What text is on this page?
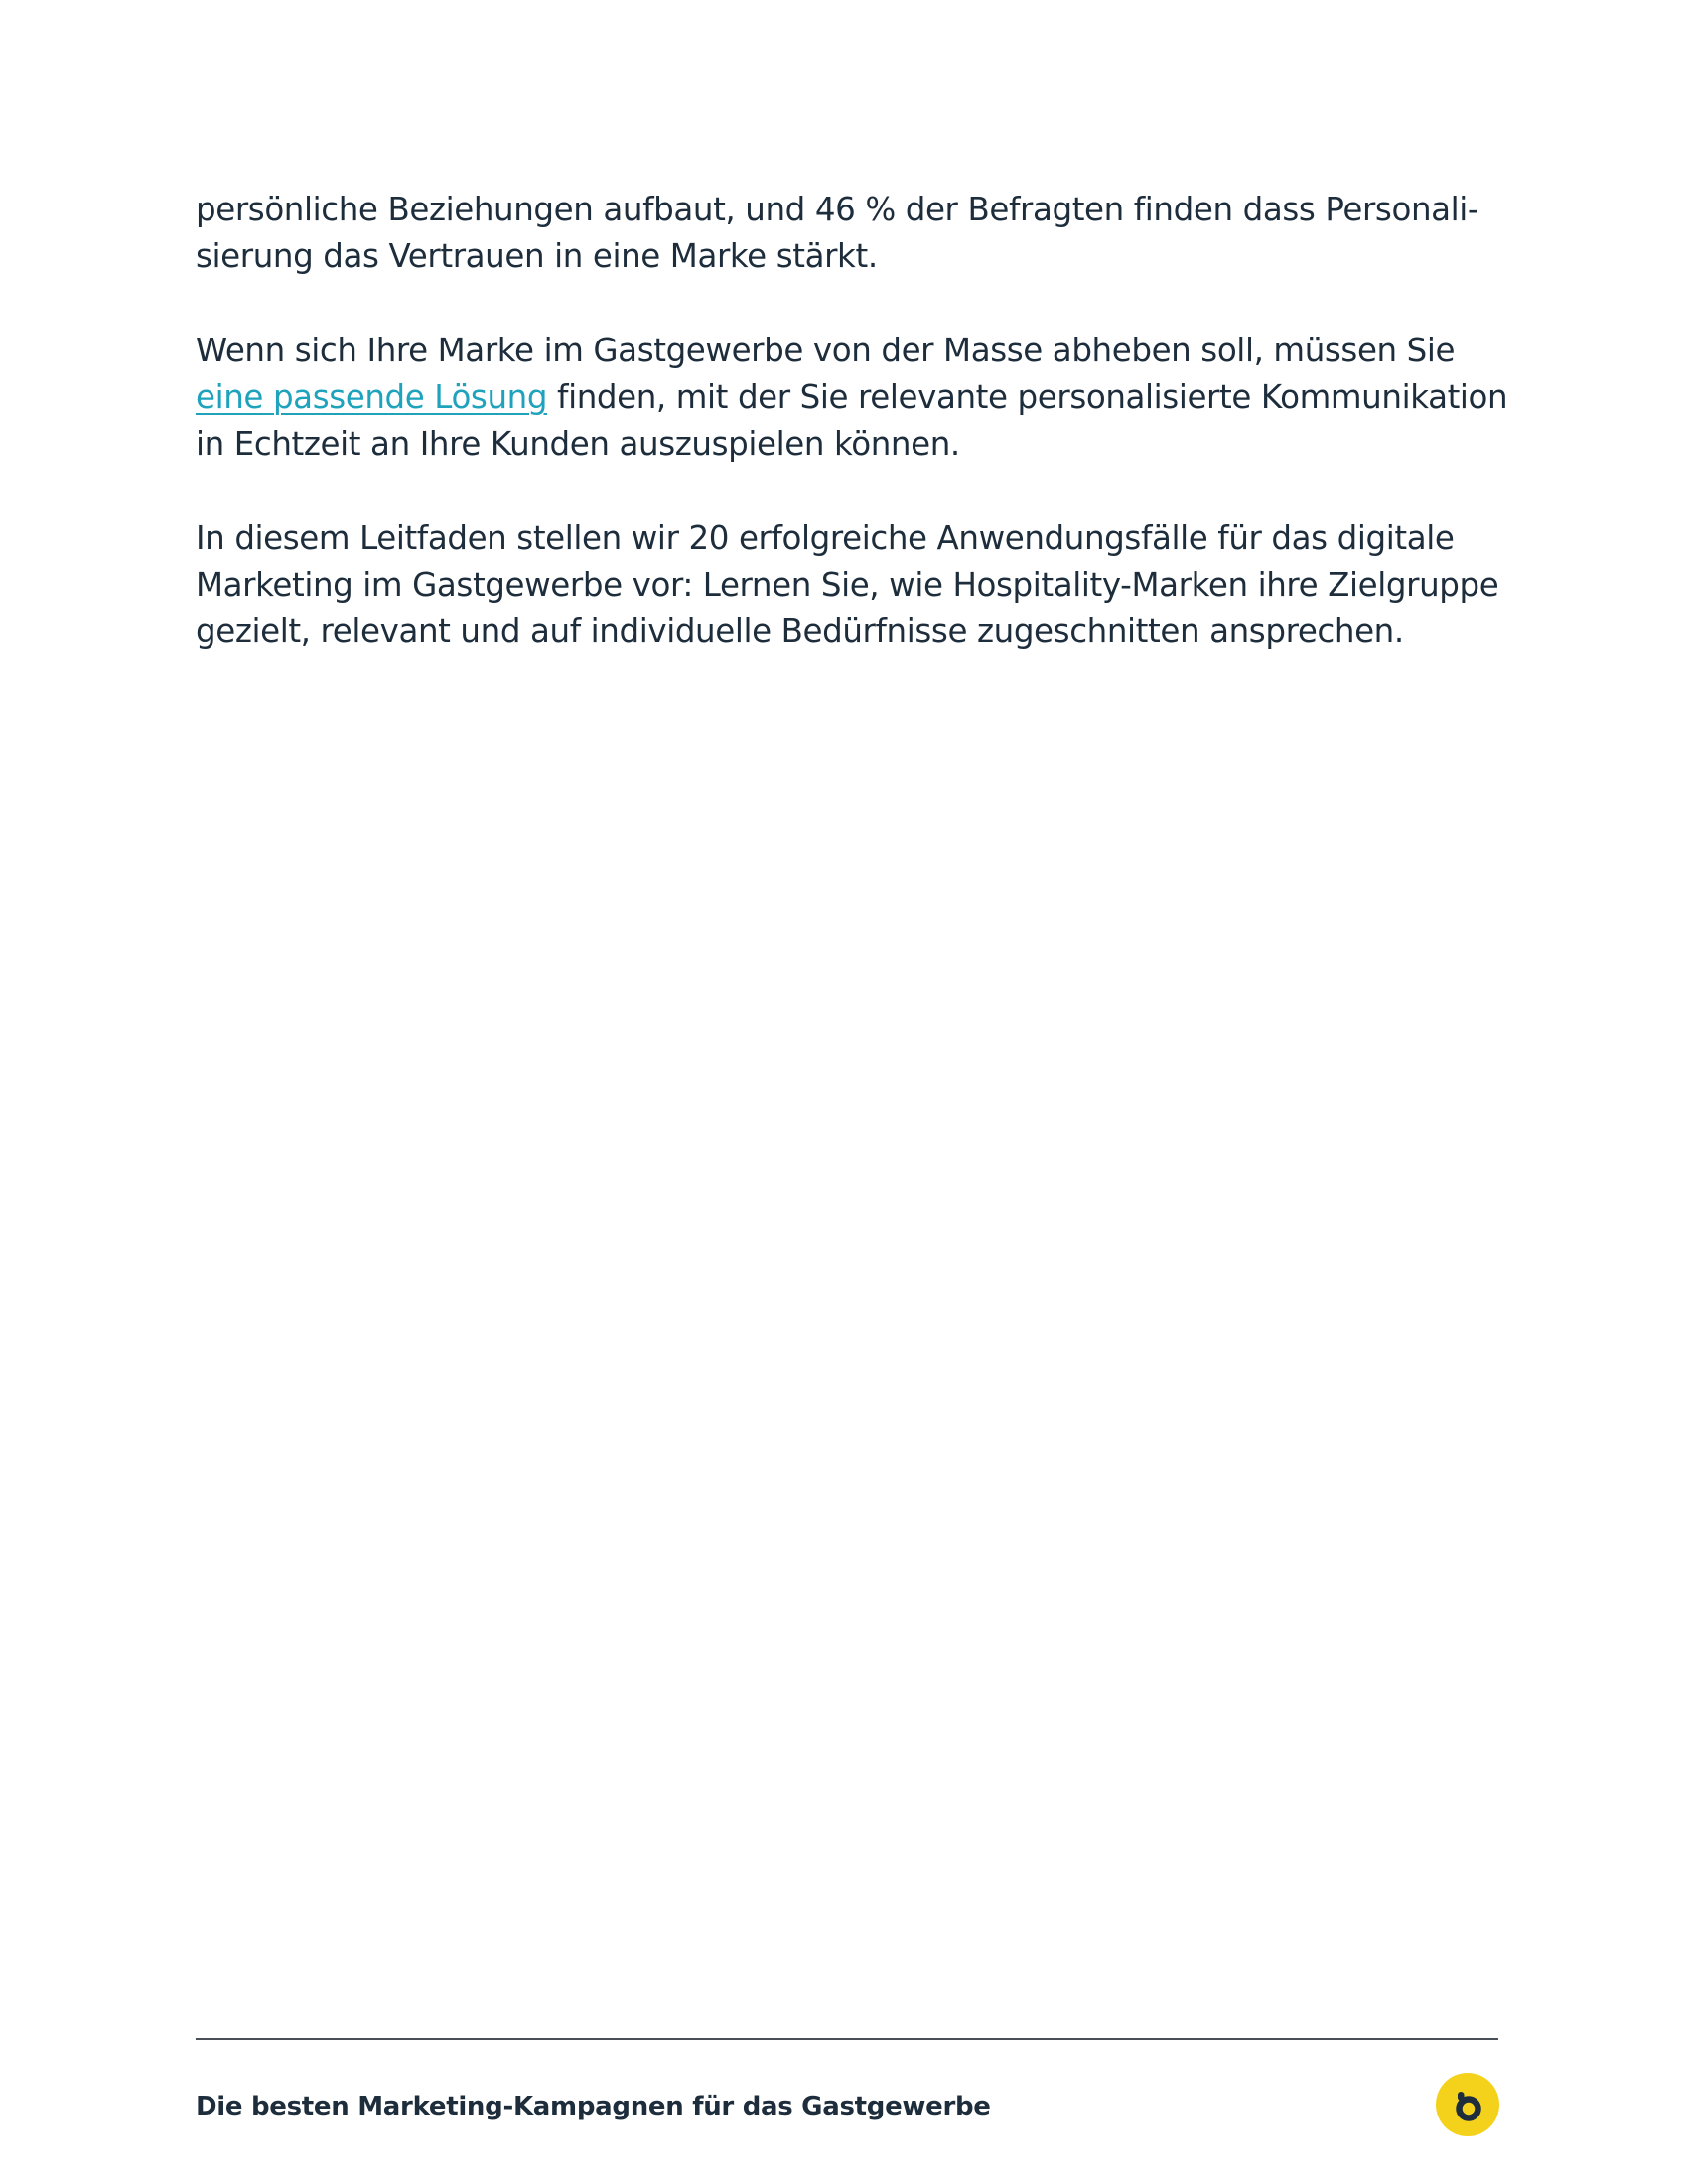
persönliche Beziehungen aufbaut, und 46 % der Befragten finden dass Personali-
sierung das Vertrauen in eine Marke stärkt.

Wenn sich Ihre Marke im Gastgewerbe von der Masse abheben soll, müssen Sie
eine passende Lösung finden, mit der Sie relevante personalisierte Kommunikation
in Echtzeit an Ihre Kunden auszuspielen können.

In diesem Leitfaden stellen wir 20 erfolgreiche Anwendungsfälle für das digitale
Marketing im Gastgewerbe vor: Lernen Sie, wie Hospitality-Marken ihre Zielgruppe
gezielt, relevant und auf individuelle Bedürfnisse zugeschnitten ansprechen.

Die besten Marketing-Kampagnen für das Gastgewerbe
